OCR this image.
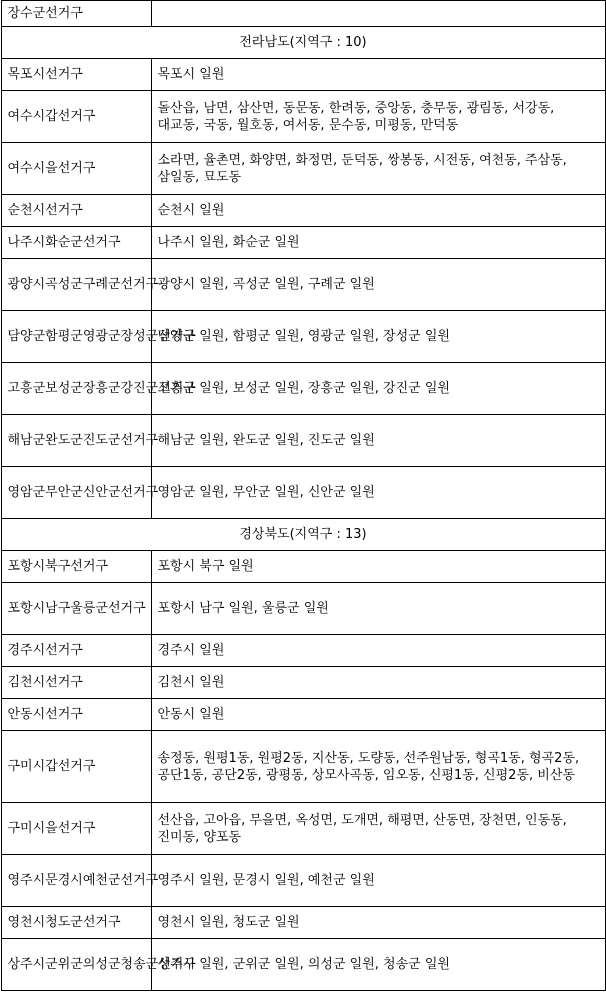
장수군선거구	
전라남도(지역구 : 10)	
목포시선거구	목포시 일원
여수시갑선거구	돌산읍, 남면, 삼산면, 동문동, 한려동, 중앙동, 충무동, 광림동, 서강동, 대교동, 국동, 월호동, 여서동, 문수동, 미평동, 만덕동
여수시을선거구	소라면, 율촌면, 화양면, 화정면, 둔덕동, 쌍봉동, 시전동, 여천동, 주삼동, 삼일동, 묘도동
순천시선거구	순천시 일원
나주시화순군선거구	나주시 일원, 화순군 일원
광양시곡성군구례군선거구	광양시 일원, 곡성군 일원, 구례군 일원
담양군함평군영광군장성군선거구	담양군 일원, 함평군 일원, 영광군 일원, 장성군 일원
고흥군보성군장흥군강진군선거구	고흥군 일원, 보성군 일원, 장흥군 일원, 강진군 일원
해남군완도군진도군선거구	해남군 일원, 완도군 일원, 진도군 일원
영암군무안군신안군선거구	영암군 일원, 무안군 일원, 신안군 일원
경상북도(지역구 : 13)	
포항시북구선거구	포항시 북구 일원
포항시남구울릉군선거구	포항시 남구 일원, 울릉군 일원
경주시선거구	경주시 일원
김천시선거구	김천시 일원
안동시선거구	안동시 일원
구미시갑선거구	송정동, 원평1동, 원평2동, 지산동, 도량동, 선주원남동, 형곡1동, 형곡2동, 공단1동, 공단2동, 광평동, 상모사곡동, 임오동, 신평1동, 신평2동, 비산동
구미시을선거구	선산읍, 고아읍, 무을면, 옥성면, 도개면, 해평면, 산동면, 장천면, 인동동, 진미동, 양포동
영주시문경시예천군선거구	영주시 일원, 문경시 일원, 예천군 일원
영천시청도군선거구	영천시 일원, 청도군 일원
상주시군위군의성군청송군선거구	상주시 일원, 군위군 일원, 의성군 일원, 청송군 일원
